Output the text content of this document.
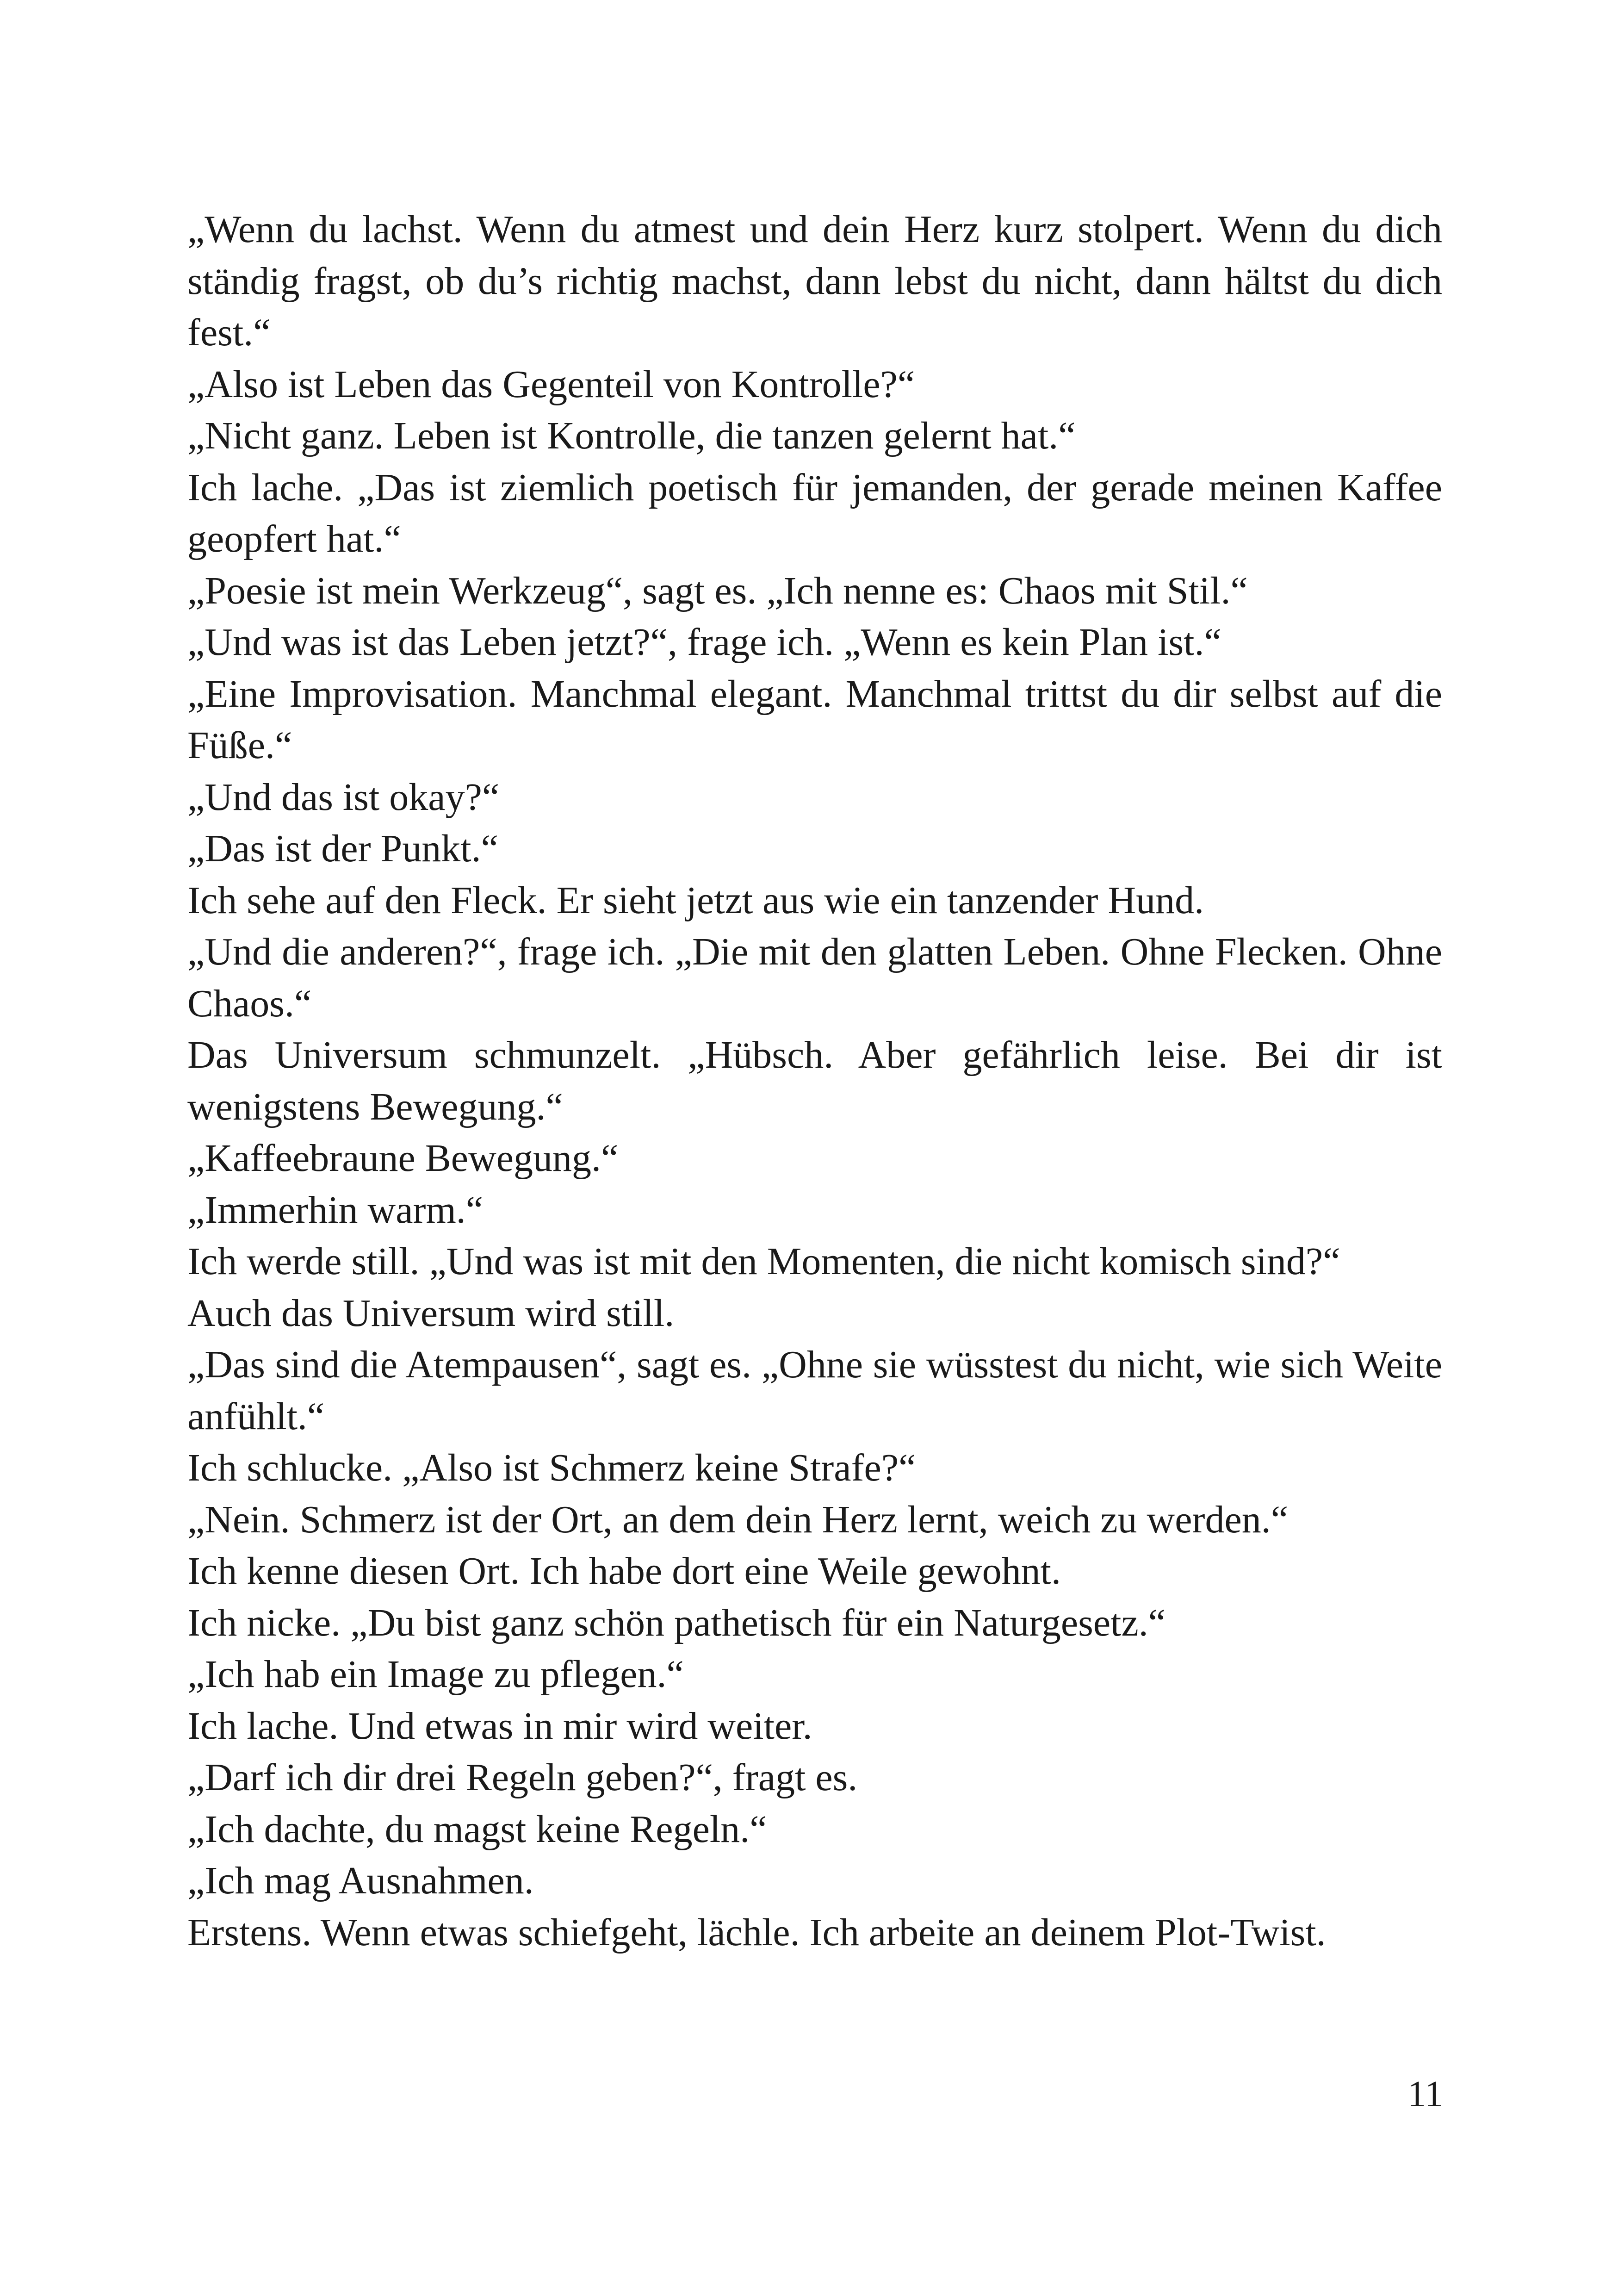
„Wenn du lachst. Wenn du atmest und dein Herz kurz stolpert. Wenn du dich ständig fragst, ob du’s richtig machst, dann lebst du nicht, dann hältst du dich fest.“

„Also ist Leben das Gegenteil von Kontrolle?“

„Nicht ganz. Leben ist Kontrolle, die tanzen gelernt hat.“

Ich lache. „Das ist ziemlich poetisch für jemanden, der gerade meinen Kaffee geopfert hat.“

„Poesie ist mein Werkzeug“, sagt es. „Ich nenne es: Chaos mit Stil.“

„Und was ist das Leben jetzt?“, frage ich. „Wenn es kein Plan ist.“

„Eine Improvisation. Manchmal elegant. Manchmal trittst du dir selbst auf die Füße.“

„Und das ist okay?“

„Das ist der Punkt.“

Ich sehe auf den Fleck. Er sieht jetzt aus wie ein tanzender Hund.

„Und die anderen?“, frage ich. „Die mit den glatten Leben. Ohne Flecken. Ohne Chaos.“

Das Universum schmunzelt. „Hübsch. Aber gefährlich leise. Bei dir ist wenigstens Bewegung.“

„Kaffeebraune Bewegung.“

„Immerhin warm.“

Ich werde still. „Und was ist mit den Momenten, die nicht komisch sind?“

Auch das Universum wird still.

„Das sind die Atempausen“, sagt es. „Ohne sie wüsstest du nicht, wie sich Weite anfühlt.“

Ich schlucke. „Also ist Schmerz keine Strafe?“

„Nein. Schmerz ist der Ort, an dem dein Herz lernt, weich zu werden.“

Ich kenne diesen Ort. Ich habe dort eine Weile gewohnt.

Ich nicke. „Du bist ganz schön pathetisch für ein Naturgesetz.“

„Ich hab ein Image zu pflegen.“

Ich lache. Und etwas in mir wird weiter.

„Darf ich dir drei Regeln geben?“, fragt es.

„Ich dachte, du magst keine Regeln.“

„Ich mag Ausnahmen.

Erstens. Wenn etwas schiefgeht, lächle. Ich arbeite an deinem Plot-​Twist.

11
